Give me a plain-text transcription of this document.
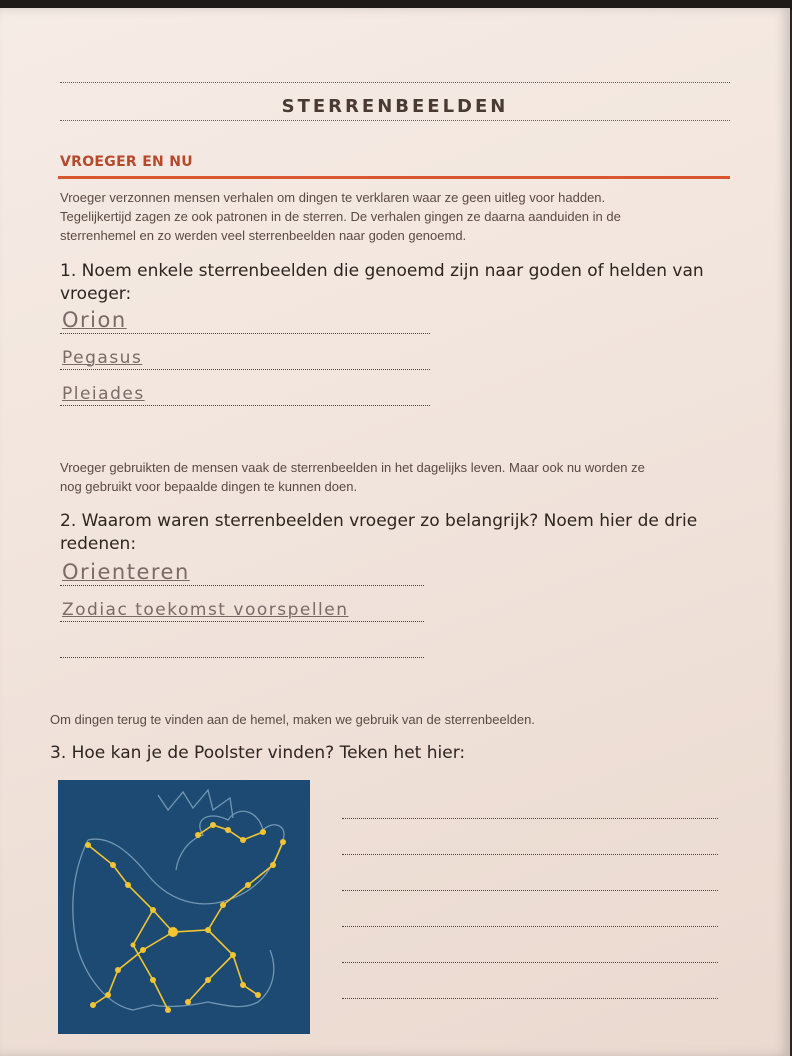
STERRENBEELDEN
VROEGER EN NU
Vroeger verzonnen mensen verhalen om dingen te verklaren waar ze geen uitleg voor hadden.
Tegelijkertijd zagen ze ook patronen in de sterren. De verhalen gingen ze daarna aanduiden in de
sterrenhemel en zo werden veel sterrenbeelden naar goden genoemd.
1. Noem enkele sterrenbeelden die genoemd zijn naar goden of helden van
vroeger:
Orion
Pegasus
Pleiades
Vroeger gebruikten de mensen vaak de sterrenbeelden in het dagelijks leven. Maar ook nu worden ze
nog gebruikt voor bepaalde dingen te kunnen doen.
2. Waarom waren sterrenbeelden vroeger zo belangrijk? Noem hier de drie
redenen:
Orienteren
Zodiac toekomst voorspellen
Om dingen terug te vinden aan de hemel, maken we gebruik van de sterrenbeelden.
3. Hoe kan je de Poolster vinden? Teken het hier:
